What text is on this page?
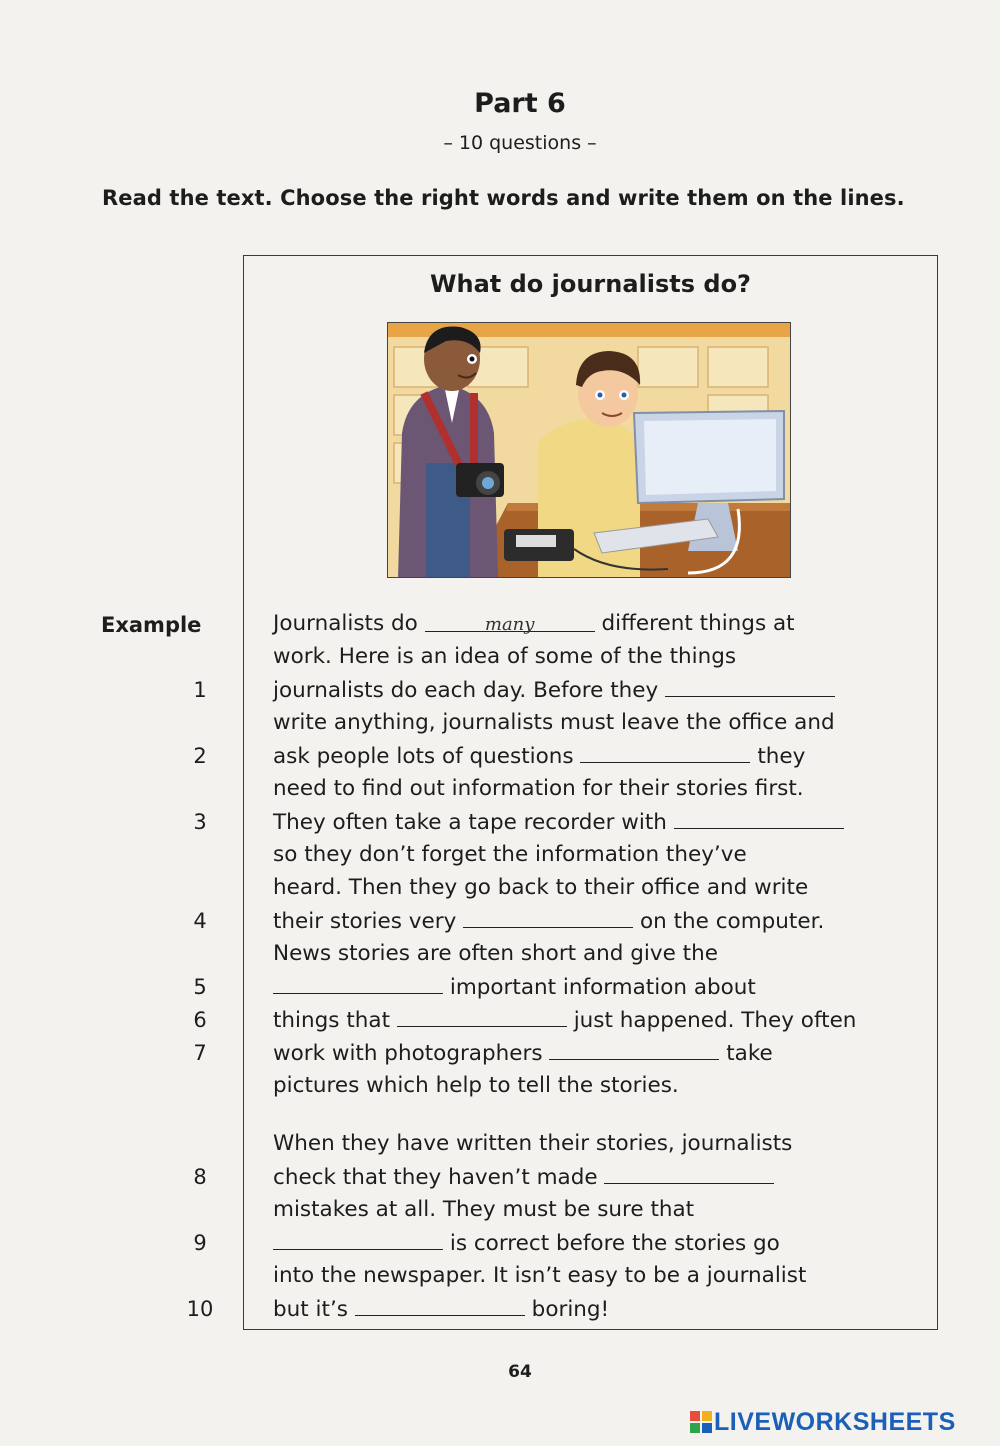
Part 6
– 10 questions –
Read the text. Choose the right words and write them on the lines.
What do journalists do?
Example
1
2
3
4
5
6
7
8
9
10
Journalists do	many	different things at
work. Here is an idea of some of the things
journalists do each day. Before they
write anything, journalists must leave the office and
ask people lots of questions	they
need to find out information for their stories first.
They often take a tape recorder with
so they don’t forget the information they’ve
heard. Then they go back to their office and write
their stories very	on the computer.
News stories are often short and give the
important information about
things that	just happened. They often
work with photographers	take
pictures which help to tell the stories.
When they have written their stories, journalists
check that they haven’t made
mistakes at all. They must be sure that
is correct before the stories go
into the newspaper. It isn’t easy to be a journalist
but it’s	boring!
64
LIVEWORKSHEETS
